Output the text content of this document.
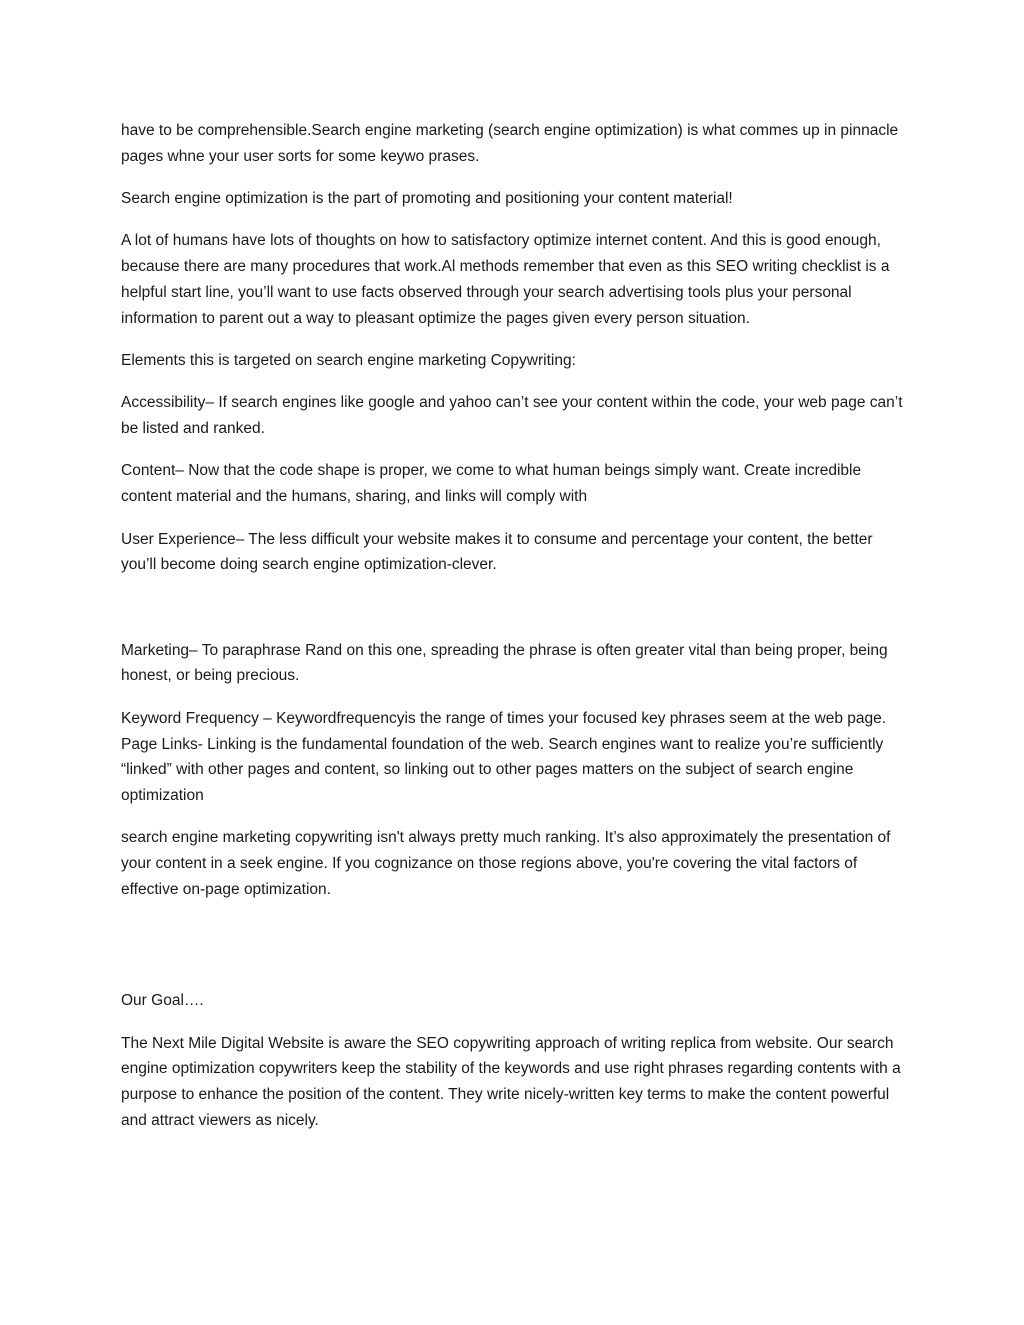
have to be comprehensible.Search engine marketing (search engine optimization) is what commes up in pinnacle pages whne your user sorts for some keywo prases.

Search engine optimization is the part of promoting and positioning your content material!

A lot of humans have lots of thoughts on how to satisfactory optimize internet content. And this is good enough, because there are many procedures that work.Al methods remember that even as this SEO writing checklist is a helpful start line, you’ll want to use facts observed through your search advertising tools plus your personal information to parent out a way to pleasant optimize the pages given every person situation.

Elements this is targeted on search engine marketing Copywriting:

Accessibility– If search engines like google and yahoo can’t see your content within the code, your web page can’t be listed and ranked.

Content– Now that the code shape is proper, we come to what human beings simply want. Create incredible content material and the humans, sharing, and links will comply with

User Experience– The less difficult your website makes it to consume and percentage your content, the better you’ll become doing search engine optimization-clever.

Marketing– To paraphrase Rand on this one, spreading the phrase is often greater vital than being proper, being honest, or being precious.

Keyword Frequency – Keywordfrequencyis the range of times your focused key phrases seem at the web page. Page Links- Linking is the fundamental foundation of the web. Search engines want to realize you’re sufficiently “linked” with other pages and content, so linking out to other pages matters on the subject of search engine optimization

search engine marketing copywriting isn't always pretty much ranking. It’s also approximately the presentation of your content in a seek engine. If you cognizance on those regions above, you're covering the vital factors of effective on-page optimization.

Our Goal….

The Next Mile Digital Website is aware the SEO copywriting approach of writing replica from website. Our search engine optimization copywriters keep the stability of the keywords and use right phrases regarding contents with a purpose to enhance the position of the content. They write nicely-written key terms to make the content powerful and attract viewers as nicely.
